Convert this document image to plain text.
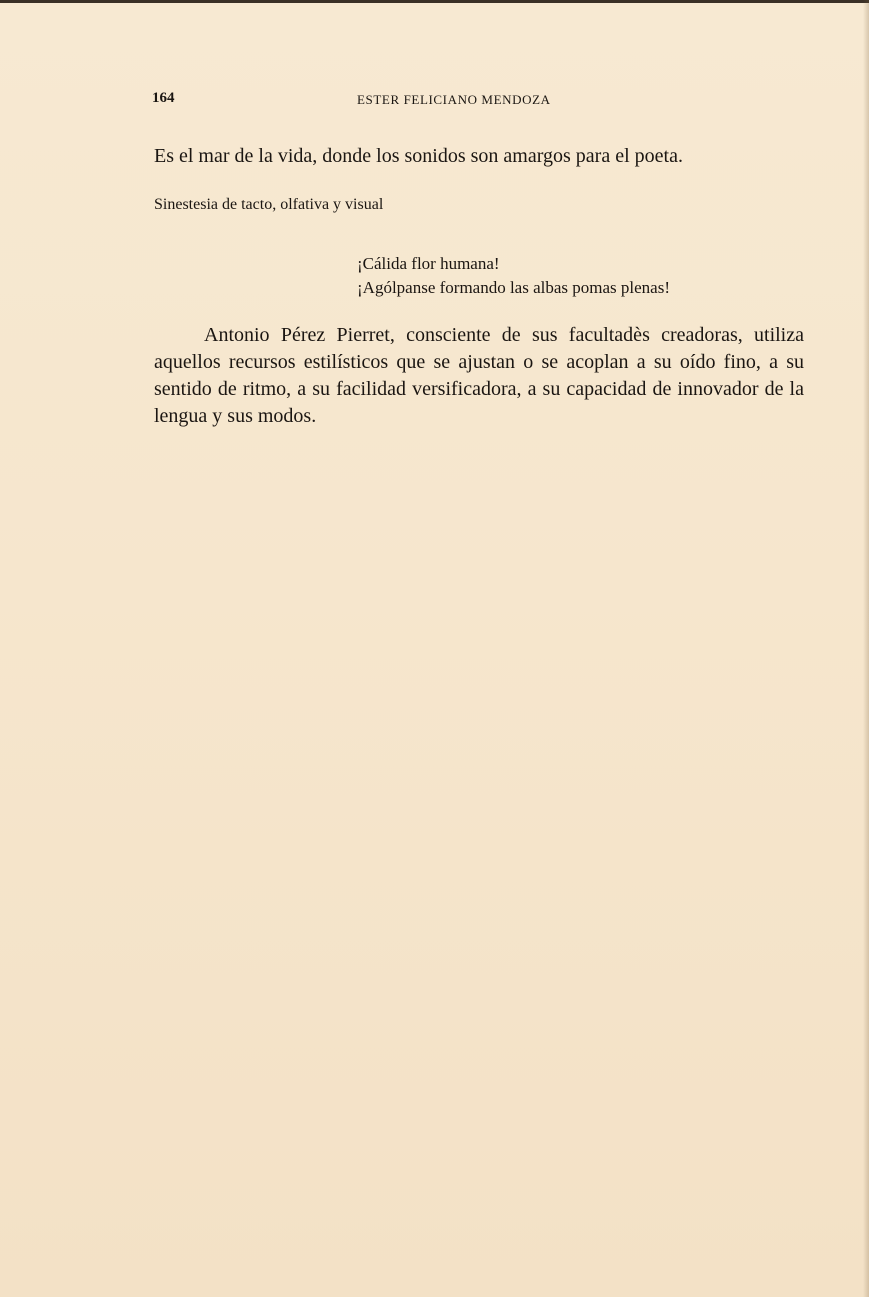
164	ESTER FELICIANO MENDOZA
Es el mar de la vida, donde los sonidos son amargos para el poeta.
Sinestesia de tacto, olfativa y visual
¡Cálida flor humana!
¡Agólpanse formando las albas pomas plenas!
Antonio Pérez Pierret, consciente de sus facultadès creadoras, utiliza aquellos recursos estilísticos que se ajustan o se acoplan a su oído fino, a su sentido de ritmo, a su facilidad versificadora, a su capacidad de innovador de la lengua y sus modos.
